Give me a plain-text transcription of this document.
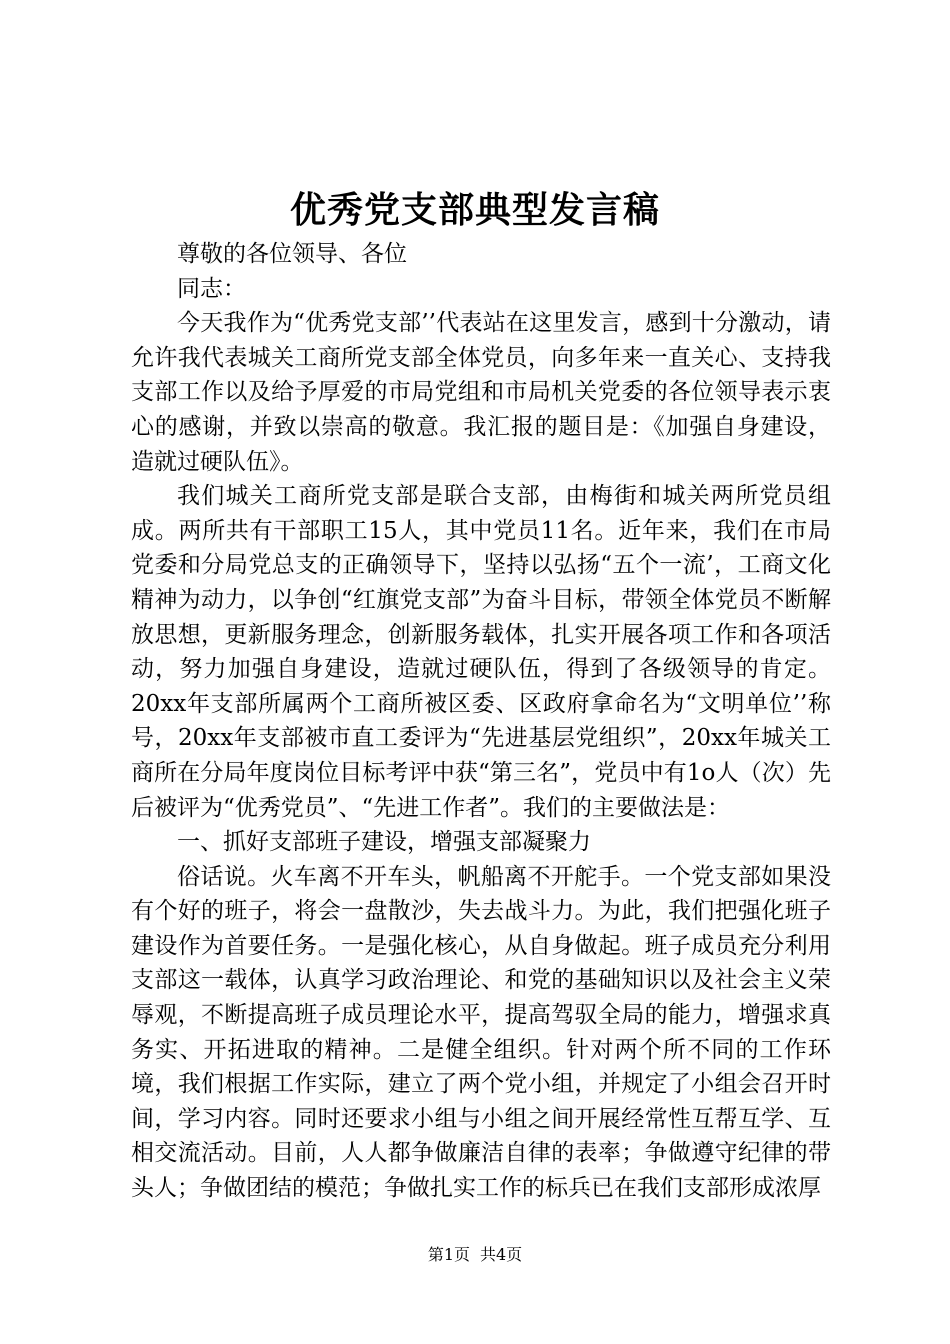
优秀党支部典型发言稿

尊敬的各位领导、各位

同志：

今天我作为“优秀党支部’’代表站在这里发言，感到十分激动，请允许我代表城关工商所党支部全体党员，向多年来一直关心、支持我支部工作以及给予厚爱的市局党组和市局机关党委的各位领导表示衷心的感谢，并致以崇高的敬意。我汇报的题目是：《加强自身建设，造就过硬队伍》。

我们城关工商所党支部是联合支部，由梅街和城关两所党员组成。两所共有干部职工15人，其中党员11名。近年来，我们在市局党委和分局党总支的正确领导下，坚持以弘扬“五个一流’，工商文化精神为动力，以争创“红旗党支部”为奋斗目标，带领全体党员不断解放思想，更新服务理念，创新服务载体，扎实开展各项工作和各项活动，努力加强自身建设，造就过硬队伍，得到了各级领导的肯定。20xx年支部所属两个工商所被区委、区政府拿命名为“文明单位’’称号，20xx年支部被市直工委评为“先进基层党组织”，20xx年城关工商所在分局年度岗位目标考评中获“第三名”，党员中有1o人（次）先后被评为“优秀党员”、“先进工作者”。我们的主要做法是：

一、抓好支部班子建设，增强支部凝聚力

俗话说。火车离不开车头，帆船离不开舵手。一个党支部如果没有个好的班子，将会一盘散沙，失去战斗力。为此，我们把强化班子建设作为首要任务。一是强化核心，从自身做起。班子成员充分利用支部这一载体，认真学习政治理论、和党的基础知识以及社会主义荣辱观，不断提高班子成员理论水平，提高驾驭全局的能力，增强求真务实、开拓进取的精神。二是健全组织。针对两个所不同的工作环境，我们根据工作实际，建立了两个党小组，并规定了小组会召开时间，学习内容。同时还要求小组与小组之间开展经常性互帮互学、互相交流活动。目前，人人都争做廉洁自律的表率；争做遵守纪律的带头人；争做团结的模范；争做扎实工作的标兵已在我们支部形成浓厚

第1页 共4页
